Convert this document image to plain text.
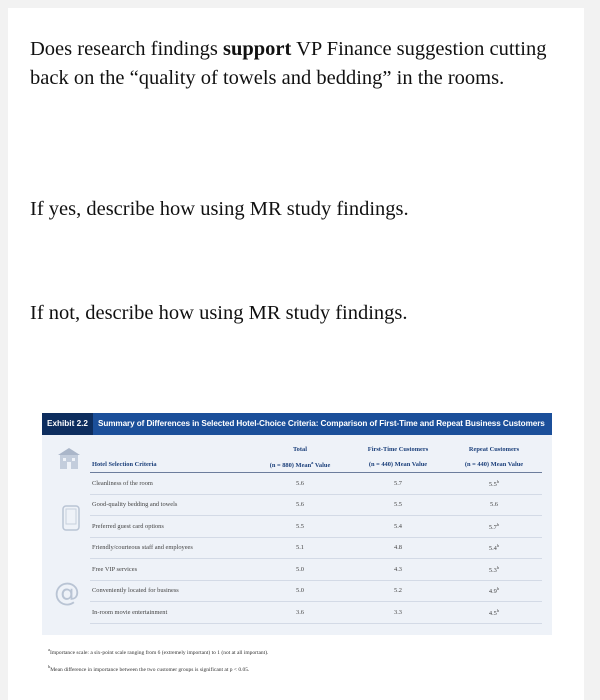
Does research findings support VP Finance suggestion cutting back on the “quality of towels and bedding” in the rooms.
If yes, describe how using MR study findings.
If not, describe how using MR study findings.
Exhibit 2.2 Summary of Differences in Selected Hotel-Choice Criteria: Comparison of First-Time and Repeat Business Customers
@
	Total	First-Time Customers	Repeat Customers
Hotel Selection Criteria	(n = 880) Mean$^a$ Value	(n = 440) Mean Value	(n = 440) Mean Value
Cleanliness of the room	5.6	5.7	5.5$^b$
Good-quality bedding and towels	5.6	5.5	5.6
Preferred guest card options	5.5	5.4	5.7$^b$
Friendly/courteous staff and employees	5.1	4.8	5.4$^b$
Free VIP services	5.0	4.3	5.3$^b$
Conveniently located for business	5.0	5.2	4.9$^b$
In-room movie entertainment	3.6	3.3	4.5$^b$
$^a$Importance scale: a six-point scale ranging from 6 (extremely important) to 1 (not at all important).
$^b$Mean difference in importance between the two customer groups is significant at p < 0.05.
